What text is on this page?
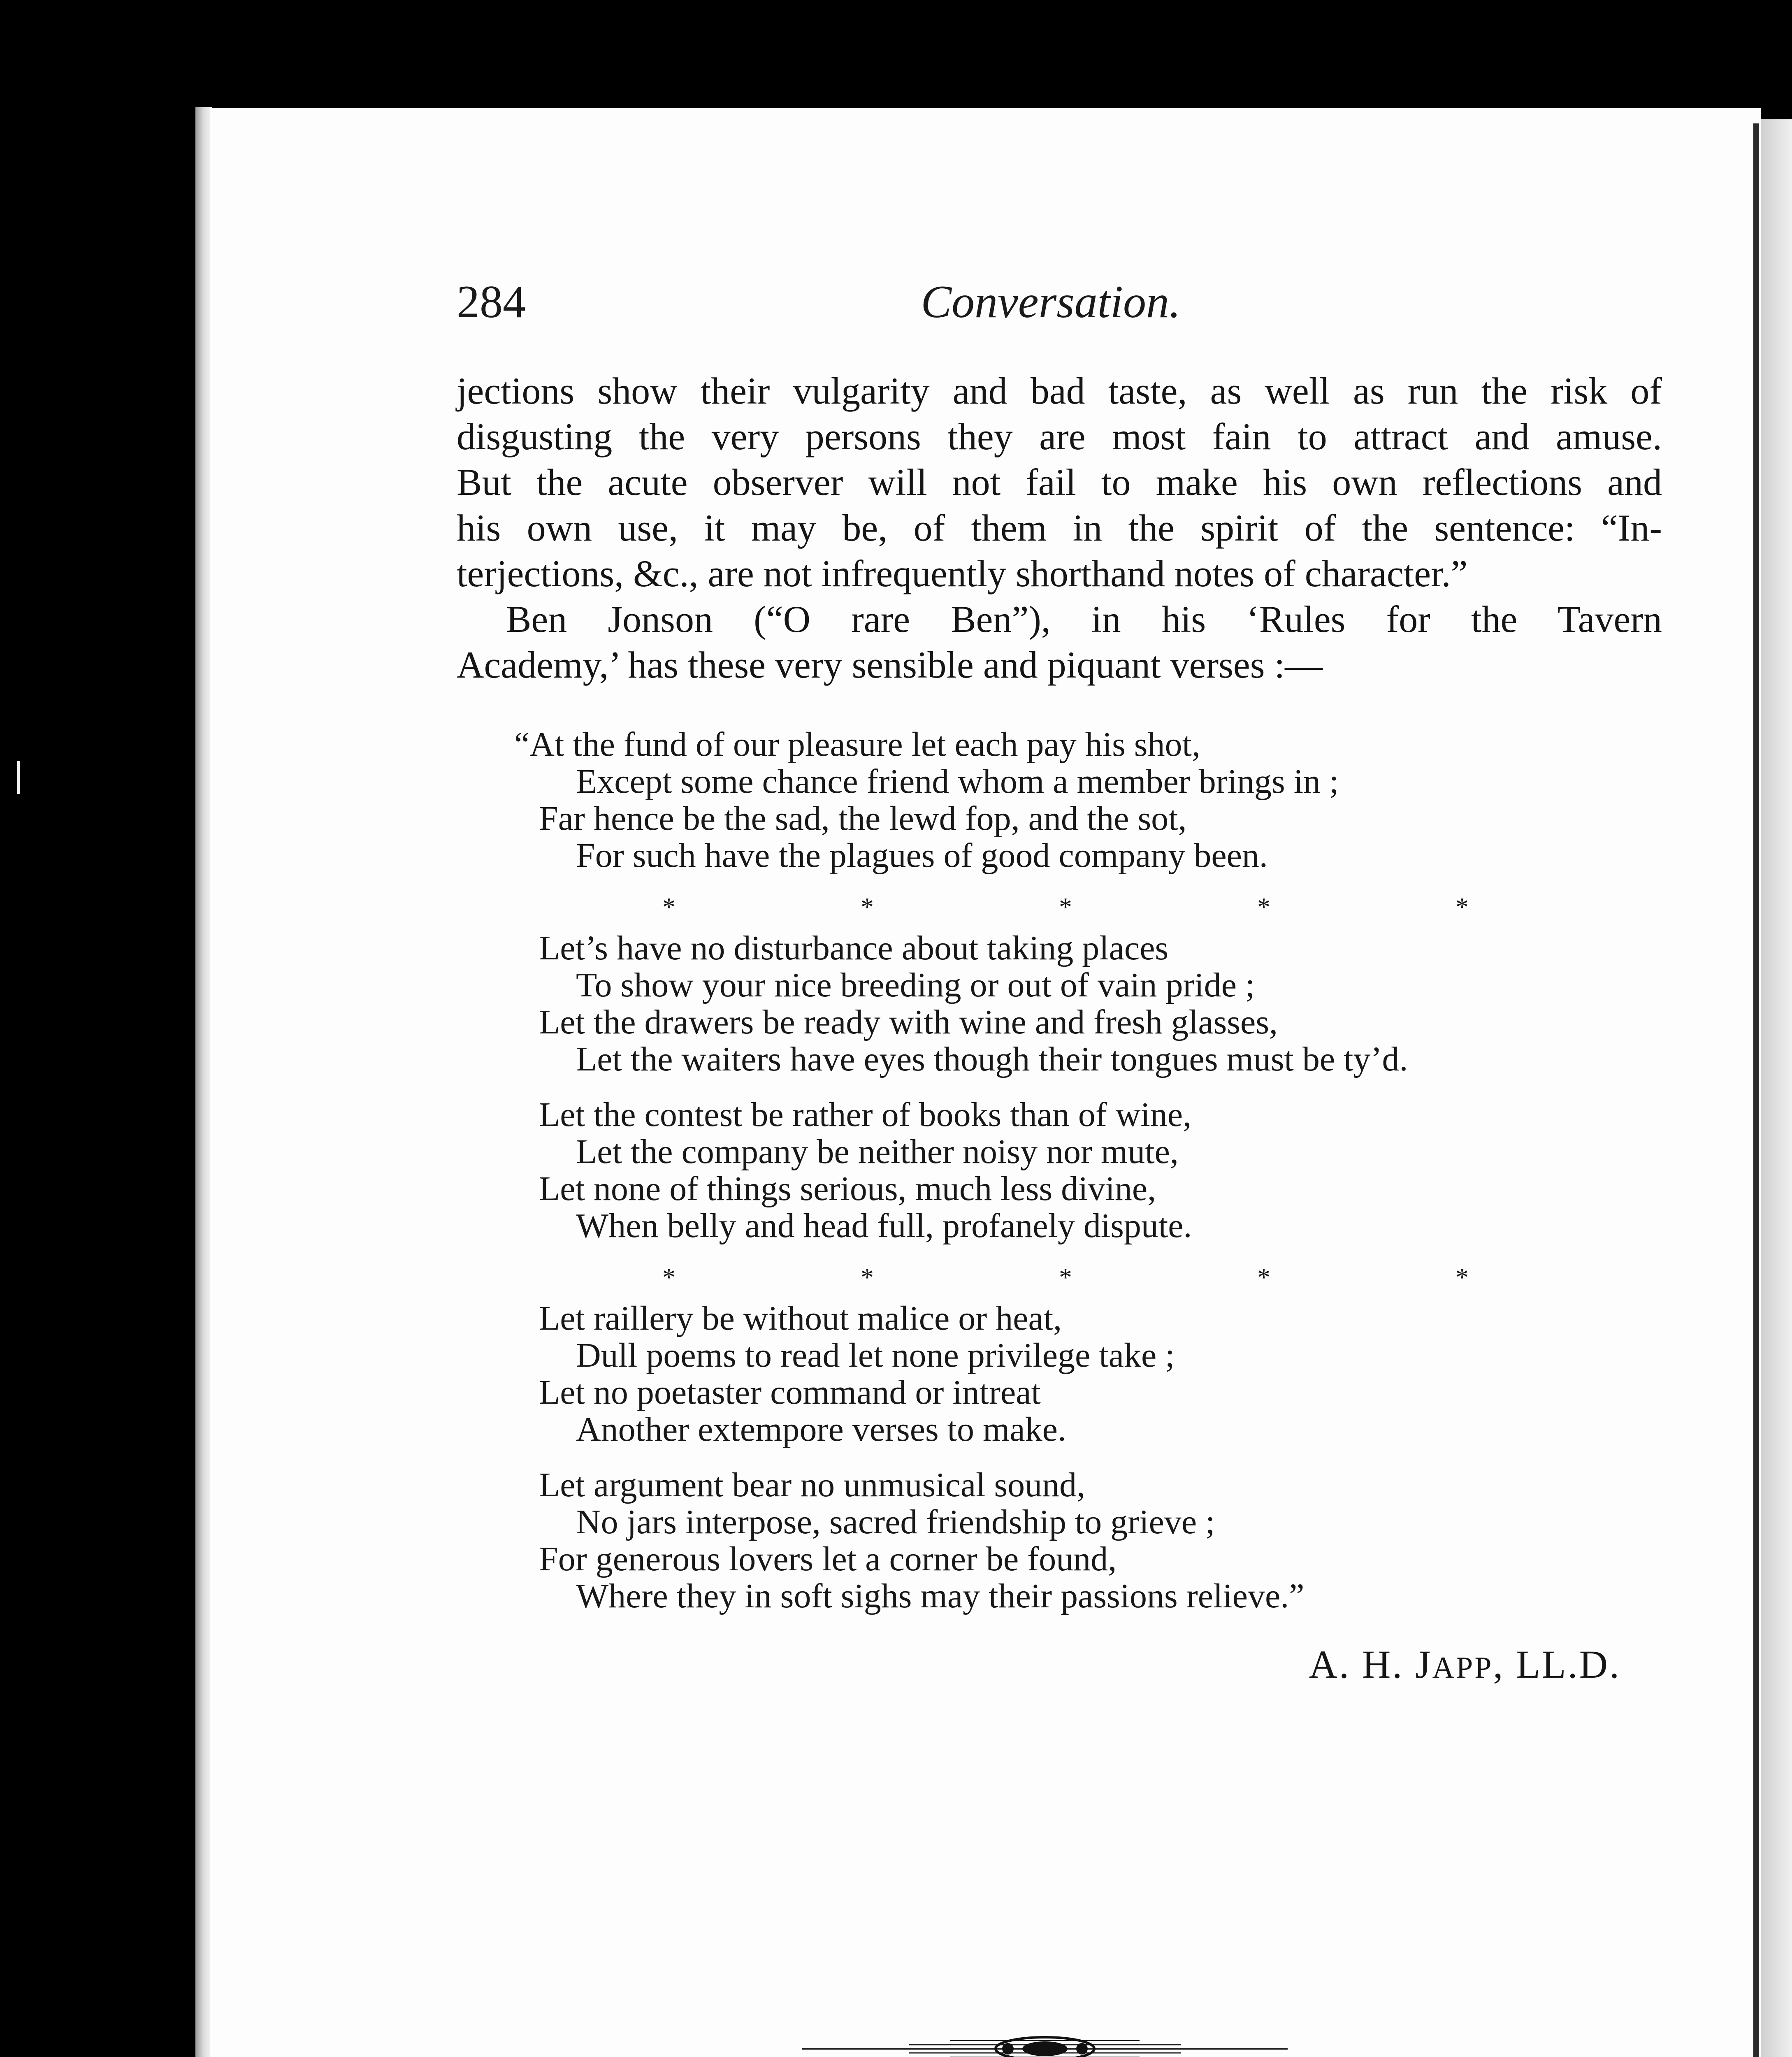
284	Conversation.

jections show their vulgarity and bad taste, as well as run the risk of

disgusting the very persons they are most fain to attract and amuse.

But the acute observer will not fail to make his own reflections and

his own use, it may be, of them in the spirit of the sentence: “In-

terjections, &c., are not infrequently shorthand notes of character.”

Ben Jonson (“O rare Ben”), in his ‘Rules for the Tavern

Academy,’ has these very sensible and piquant verses :—

“At the fund of our pleasure let each pay his shot,
Except some chance friend whom a member brings in ;
Far hence be the sad, the lewd fop, and the sot,
For such have the plagues of good company been.
*	*	*	*	*
Let’s have no disturbance about taking places
To show your nice breeding or out of vain pride ;
Let the drawers be ready with wine and fresh glasses,
Let the waiters have eyes though their tongues must be ty’d.
Let the contest be rather of books than of wine,
Let the company be neither noisy nor mute,
Let none of things serious, much less divine,
When belly and head full, profanely dispute.
*	*	*	*	*
Let raillery be without malice or heat,
Dull poems to read let none privilege take ;
Let no poetaster command or intreat
Another extempore verses to make.
Let argument bear no unmusical sound,
No jars interpose, sacred friendship to grieve ;
For generous lovers let a corner be found,
Where they in soft sighs may their passions relieve.”
A. H. JAPP, LL.D.
